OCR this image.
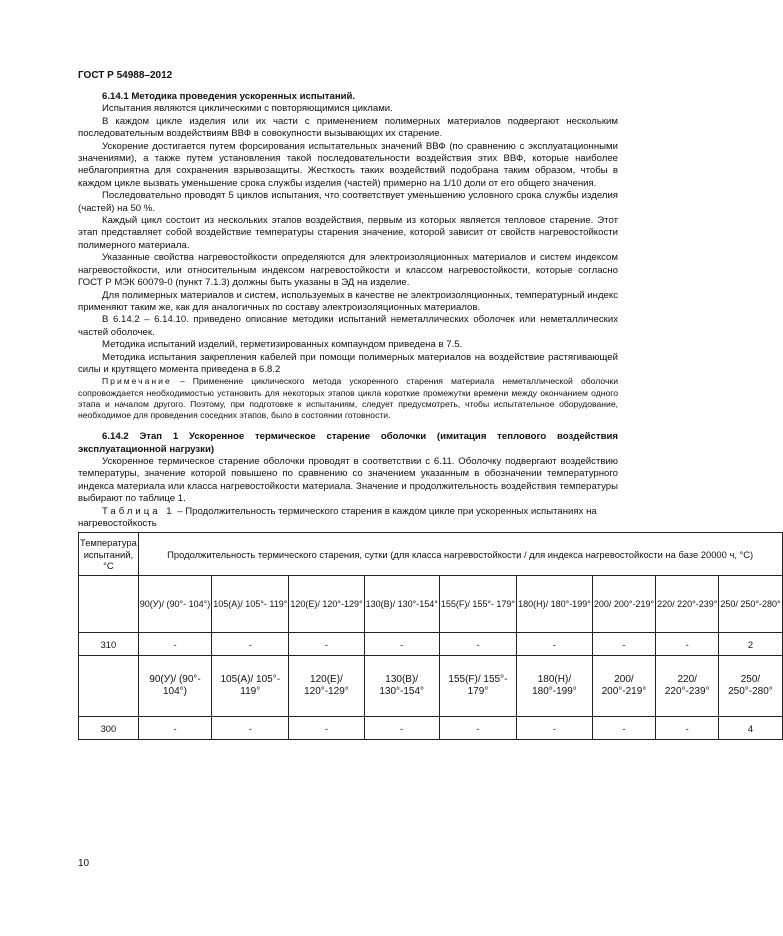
ГОСТ Р 54988–2012

6.14.1 Методика проведения ускоренных испытаний.

Испытания являются циклическими с повторяющимися циклами.

В каждом цикле изделия или их части с применением полимерных материалов подвергают нескольким последовательным воздействиям ВВФ в совокупности вызывающих их старение.

Ускорение достигается путем форсирования испытательных значений ВВФ (по сравнению с эксплуатационными значениями), а также путем установления такой последовательности воздействия этих ВВФ, которые наиболее неблагоприятна для сохранения взрывозащиты. Жесткость таких воздействий подобрана таким образом, чтобы в каждом цикле вызвать уменьшение срока службы изделия (частей) примерно на 1/10 доли от его общего значения.

Последовательно проводят 5 циклов испытания, что соответствует уменьшению условного срока службы изделия (частей) на 50 %.

Каждый цикл состоит из нескольких этапов воздействия, первым из которых является тепловое старение. Этот этап представляет собой воздействие температуры старения значение, которой зависит от свойств нагревостойкости полимерного материала.

Указанные свойства нагревостойкости определяются для электроизоляционных материалов и систем индексом нагревостойкости, или относительным индексом нагревостойкости и классом нагревостойкости, которые согласно ГОСТ Р МЭК 60079-0 (пункт 7.1.3) должны быть указаны в ЭД на изделие.

Для полимерных материалов и систем, используемых в качестве не электроизоляционных, температурный индекс применяют таким же, как для аналогичных по составу электроизоляционных материалов.

В 6.14.2 – 6.14.10. приведено описание методики испытаний неметаллических оболочек или неметаллических частей оболочек.

Методика испытаний изделий, герметизированных компаундом приведена в 7.5.

Методика испытания закрепления кабелей при помощи полимерных материалов на воздействие растягивающей силы и крутящего момента приведена в 6.8.2

Примечание – Применение циклического метода ускоренного старения материала неметаллической оболочки сопровождается необходимостью установить для некоторых этапов цикла короткие промежутки времени между окончанием одного этапа и началом другого. Поэтому, при подготовке к испытаниям, следует предусмотреть, чтобы испытательное оборудование, необходимое для проведения соседних этапов, было в состоянии готовности.

6.14.2 Этап 1 Ускоренное термическое старение оболочки (имитация теплового воздействия эксплуатационной нагрузки)

Ускоренное термическое старение оболочки проводят в соответствии с 6.11. Оболочку подвергают воздействию температуры, значение которой повышено по сравнению со значением указанным в обозначении температурного индекса материала или класса нагревостойкости материала. Значение и продолжительность воздействия температуры выбирают по таблице 1.

Таблица 1 – Продолжительность термического старения в каждом цикле при ускоренных испытаниях на нагревостойкость

Температура испытаний, °С	Продолжительность термического старения, сутки (для класса нагревостойкости / для индекса нагревостойкости на базе 20000 ч, °С)								
	90(У)/ (90°- 104°)	105(А)/ 105°- 119°	120(Е)/ 120°-129°	130(В)/ 130°-154°	155(F)/ 155°- 179°	180(Н)/ 180°-199°	200/ 200°-219°	220/ 220°-239°	250/ 250°-280°
310	-	-	-	-	-	-	-	-	2
	90(У)/ (90°- 104°)	105(А)/ 105°- 119°	120(Е)/ 120°-129°	130(В)/ 130°-154°	155(F)/ 155°- 179°	180(Н)/ 180°-199°	200/ 200°-219°	220/ 220°-239°	250/ 250°-280°
300	-	-	-	-	-	-	-	-	4
10
